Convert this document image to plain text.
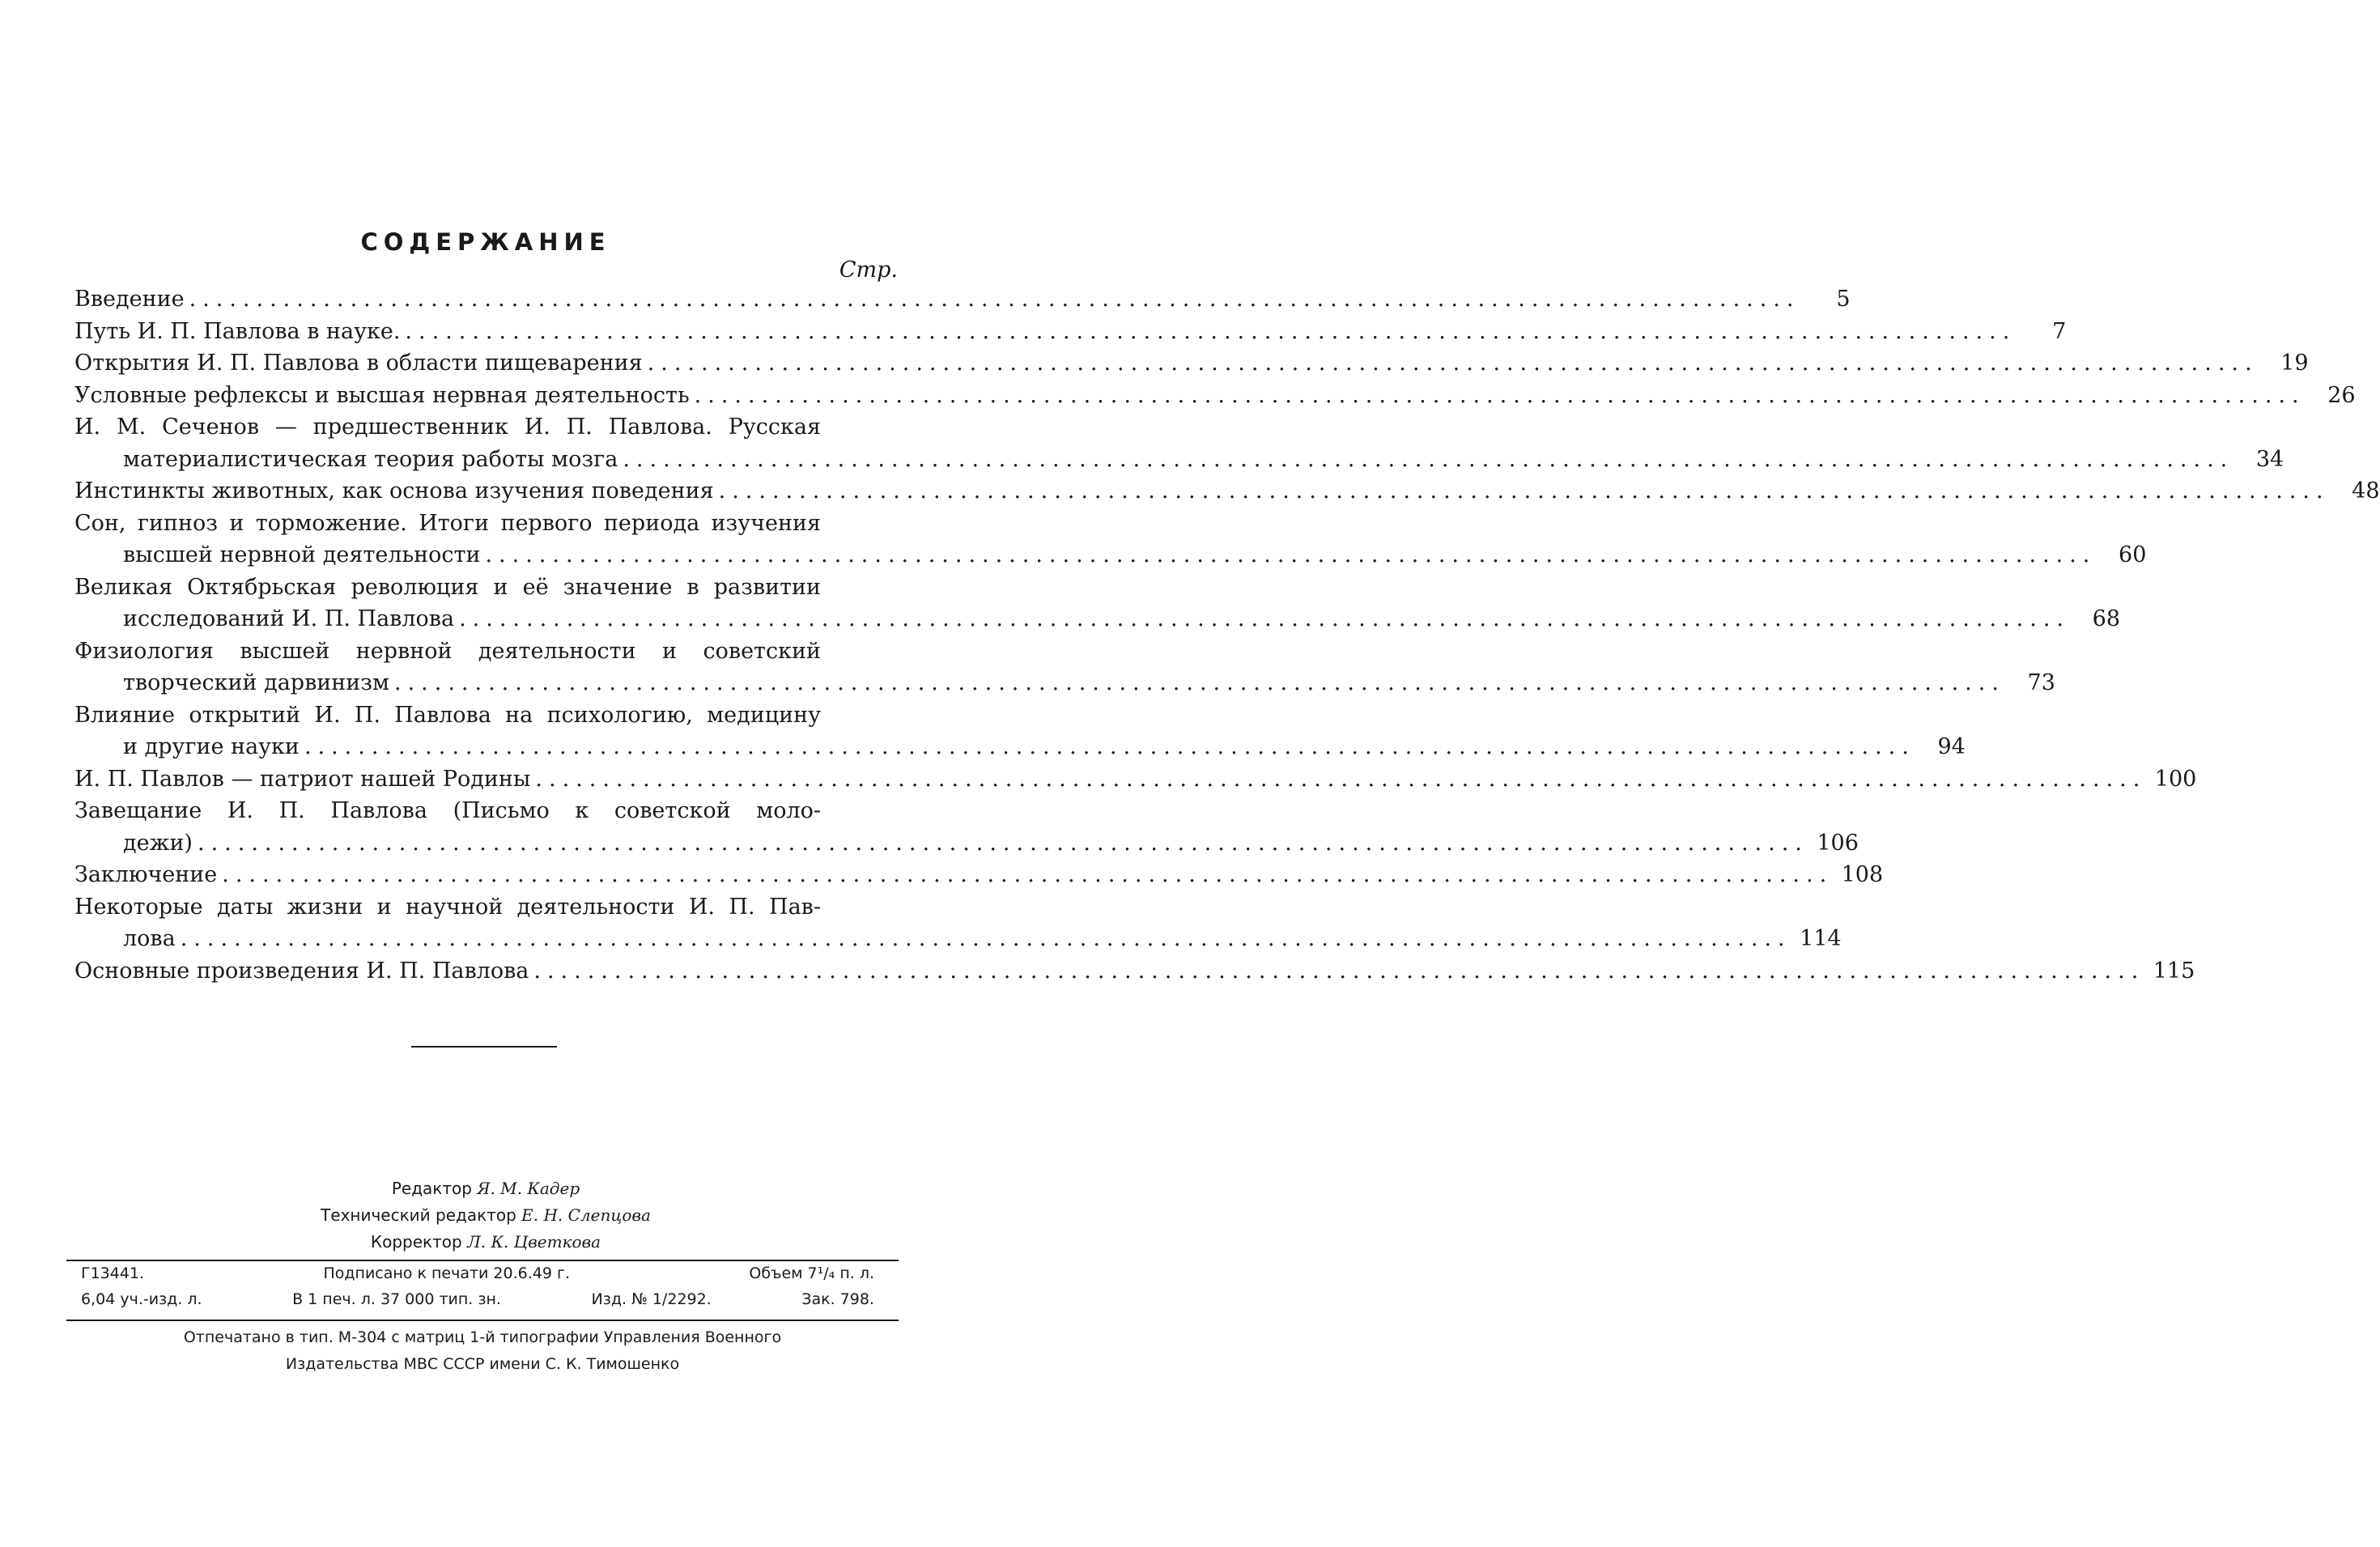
СОДЕРЖАНИЕ
Стр.
Введение ........................................................................................................................	5
Путь И. П. Павлова в науке. ........................................................................................................................	7
Открытия И. П. Павлова в области пищеварения ........................................................................................................................	19
Условные рефлексы и высшая нервная деятельность ........................................................................................................................	26
И. М. Сеченов — предшественник И. П. Павлова. Русская
материалистическая теория работы мозга ........................................................................................................................	34
Инстинкты животных, как основа изучения поведения ........................................................................................................................	48
Сон, гипноз и торможение. Итоги первого периода изучения
высшей нервной деятельности ........................................................................................................................	60
Великая Октябрьская революция и её значение в развитии
исследований И. П. Павлова ........................................................................................................................	68
Физиология высшей нервной деятельности и советский
творческий дарвинизм ........................................................................................................................	73
Влияние открытий И. П. Павлова на психологию, медицину
и другие науки ........................................................................................................................	94
И. П. Павлов — патриот нашей Родины ........................................................................................................................ 100
Завещание И. П. Павлова (Письмо к советской моло-
дежи) ........................................................................................................................ 106
Заключение ........................................................................................................................ 108
Некоторые даты жизни и научной деятельности И. П. Пав-
лова ........................................................................................................................ 114
Основные произведения И. П. Павлова ........................................................................................................................ 115
Редактор Я. М. Кадер
Технический редактор Е. Н. Слепцова
Корректор Л. К. Цветкова
Г13441.	Подписано к печати 20.6.49 г.	Объем 7¹/₄ п. л.
6,04 уч.-изд. л.	В 1 печ. л. 37 000 тип. зн.	Изд. № 1/2292.	Зак. 798.
Отпечатано в тип. М-304 с матриц 1-й типографии Управления Военного
Издательства МВС СССР имени С. К. Тимошенко
